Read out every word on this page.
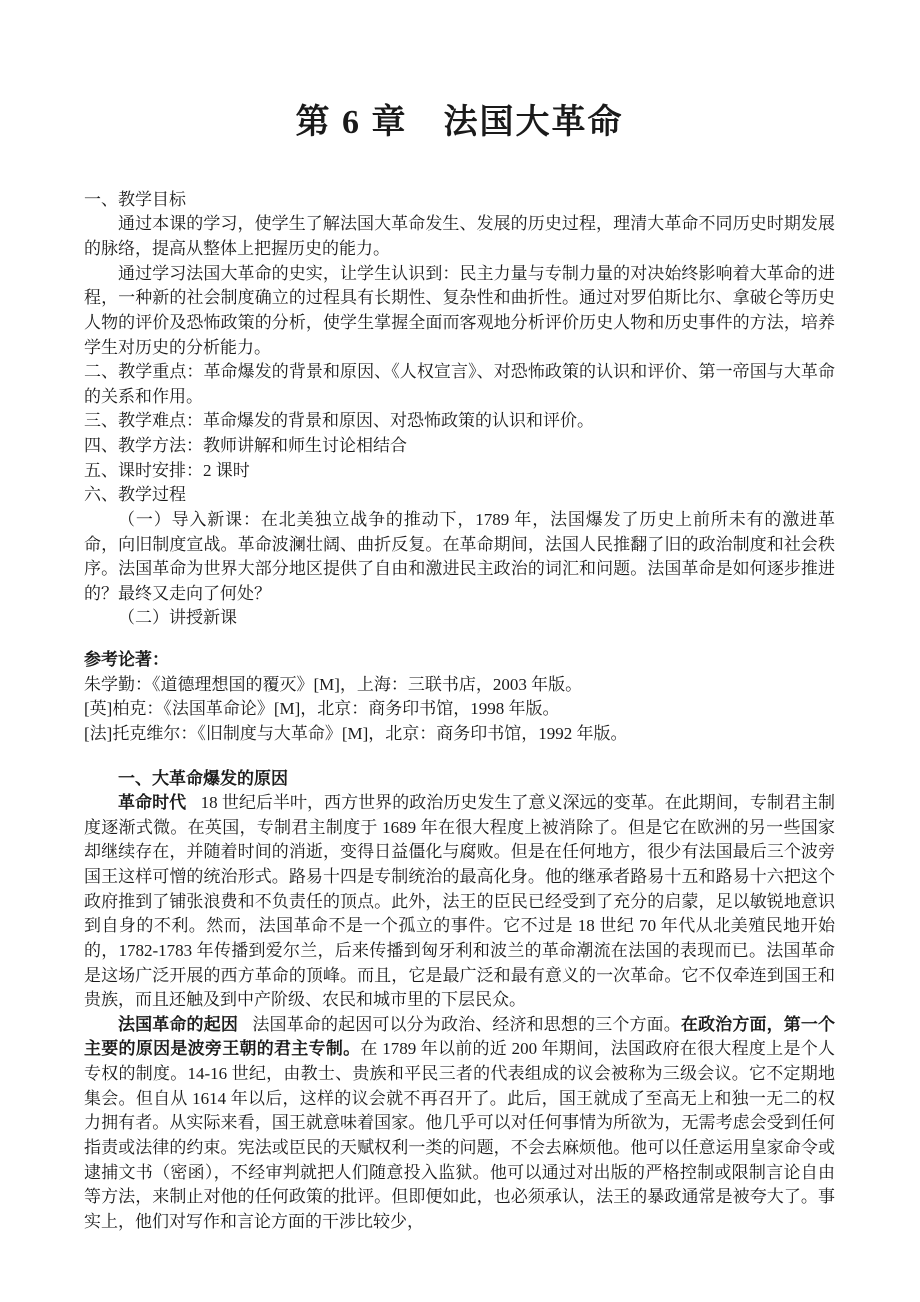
第 6 章　法国大革命

一、教学目标

通过本课的学习，使学生了解法国大革命发生、发展的历史过程，理清大革命不同历史时期发展的脉络，提高从整体上把握历史的能力。

通过学习法国大革命的史实，让学生认识到：民主力量与专制力量的对决始终影响着大革命的进程，一种新的社会制度确立的过程具有长期性、复杂性和曲折性。通过对罗伯斯比尔、拿破仑等历史人物的评价及恐怖政策的分析，使学生掌握全面而客观地分析评价历史人物和历史事件的方法，培养学生对历史的分析能力。

二、教学重点：革命爆发的背景和原因、《人权宣言》、对恐怖政策的认识和评价、第一帝国与大革命的关系和作用。

三、教学难点：革命爆发的背景和原因、对恐怖政策的认识和评价。

四、教学方法：教师讲解和师生讨论相结合

五、课时安排：2 课时

六、教学过程

（一）导入新课：在北美独立战争的推动下，1789 年，法国爆发了历史上前所未有的激进革命，向旧制度宣战。革命波澜壮阔、曲折反复。在革命期间，法国人民推翻了旧的政治制度和社会秩序。法国革命为世界大部分地区提供了自由和激进民主政治的词汇和问题。法国革命是如何逐步推进的？最终又走向了何处？

（二）讲授新课

参考论著：

朱学勤：《道德理想国的覆灭》[M]，上海：三联书店，2003 年版。

[英]柏克：《法国革命论》[M]，北京：商务印书馆，1998 年版。

[法]托克维尔：《旧制度与大革命》[M]，北京：商务印书馆，1992 年版。

一、大革命爆发的原因

革命时代 18 世纪后半叶，西方世界的政治历史发生了意义深远的变革。在此期间，专制君主制度逐渐式微。在英国，专制君主制度于 1689 年在很大程度上被消除了。但是它在欧洲的另一些国家却继续存在，并随着时间的消逝，变得日益僵化与腐败。但是在任何地方，很少有法国最后三个波旁国王这样可憎的统治形式。路易十四是专制统治的最高化身。他的继承者路易十五和路易十六把这个政府推到了铺张浪费和不负责任的顶点。此外，法王的臣民已经受到了充分的启蒙，足以敏锐地意识到自身的不利。然而，法国革命不是一个孤立的事件。它不过是 18 世纪 70 年代从北美殖民地开始的，1782-1783 年传播到爱尔兰，后来传播到匈牙利和波兰的革命潮流在法国的表现而已。法国革命是这场广泛开展的西方革命的顶峰。而且，它是最广泛和最有意义的一次革命。它不仅牵连到国王和贵族，而且还触及到中产阶级、农民和城市里的下层民众。

法国革命的起因 法国革命的起因可以分为政治、经济和思想的三个方面。在政治方面，第一个主要的原因是波旁王朝的君主专制。在 1789 年以前的近 200 年期间，法国政府在很大程度上是个人专权的制度。14-16 世纪，由教士、贵族和平民三者的代表组成的议会被称为三级会议。它不定期地集会。但自从 1614 年以后，这样的议会就不再召开了。此后，国王就成了至高无上和独一无二的权力拥有者。从实际来看，国王就意味着国家。他几乎可以对任何事情为所欲为，无需考虑会受到任何指责或法律的约束。宪法或臣民的天赋权利一类的问题，不会去麻烦他。他可以任意运用皇家命令或逮捕文书（密函），不经审判就把人们随意投入监狱。他可以通过对出版的严格控制或限制言论自由等方法，来制止对他的任何政策的批评。但即便如此，也必须承认，法王的暴政通常是被夸大了。事实上，他们对写作和言论方面的干涉比较少，
